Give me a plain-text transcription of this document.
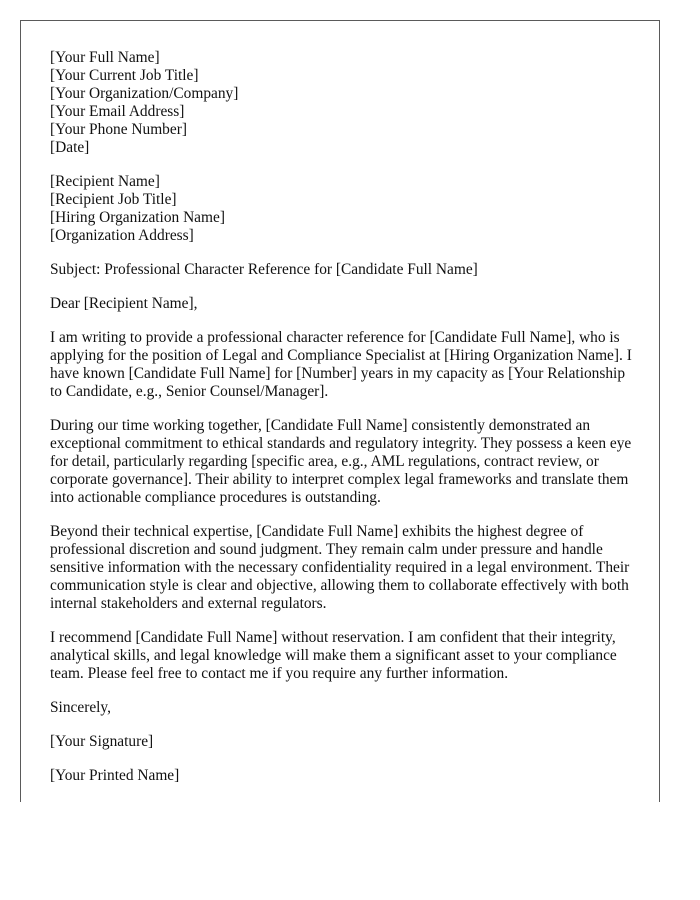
[Your Full Name]
[Your Current Job Title]
[Your Organization/Company]
[Your Email Address]
[Your Phone Number]
[Date]
[Recipient Name]
[Recipient Job Title]
[Hiring Organization Name]
[Organization Address]

Subject: Professional Character Reference for [Candidate Full Name]

Dear [Recipient Name],

I am writing to provide a professional character reference for [Candidate Full Name], who is applying for the position of Legal and Compliance Specialist at [Hiring Organization Name]. I have known [Candidate Full Name] for [Number] years in my capacity as [Your Relationship to Candidate, e.g., Senior Counsel/Manager].

During our time working together, [Candidate Full Name] consistently demonstrated an exceptional commitment to ethical standards and regulatory integrity. They possess a keen eye for detail, particularly regarding [specific area, e.g., AML regulations, contract review, or corporate governance]. Their ability to interpret complex legal frameworks and translate them into actionable compliance procedures is outstanding.

Beyond their technical expertise, [Candidate Full Name] exhibits the highest degree of professional discretion and sound judgment. They remain calm under pressure and handle sensitive information with the necessary confidentiality required in a legal environment. Their communication style is clear and objective, allowing them to collaborate effectively with both internal stakeholders and external regulators.

I recommend [Candidate Full Name] without reservation. I am confident that their integrity, analytical skills, and legal knowledge will make them a significant asset to your compliance team. Please feel free to contact me if you require any further information.

Sincerely,

[Your Signature]

[Your Printed Name]
